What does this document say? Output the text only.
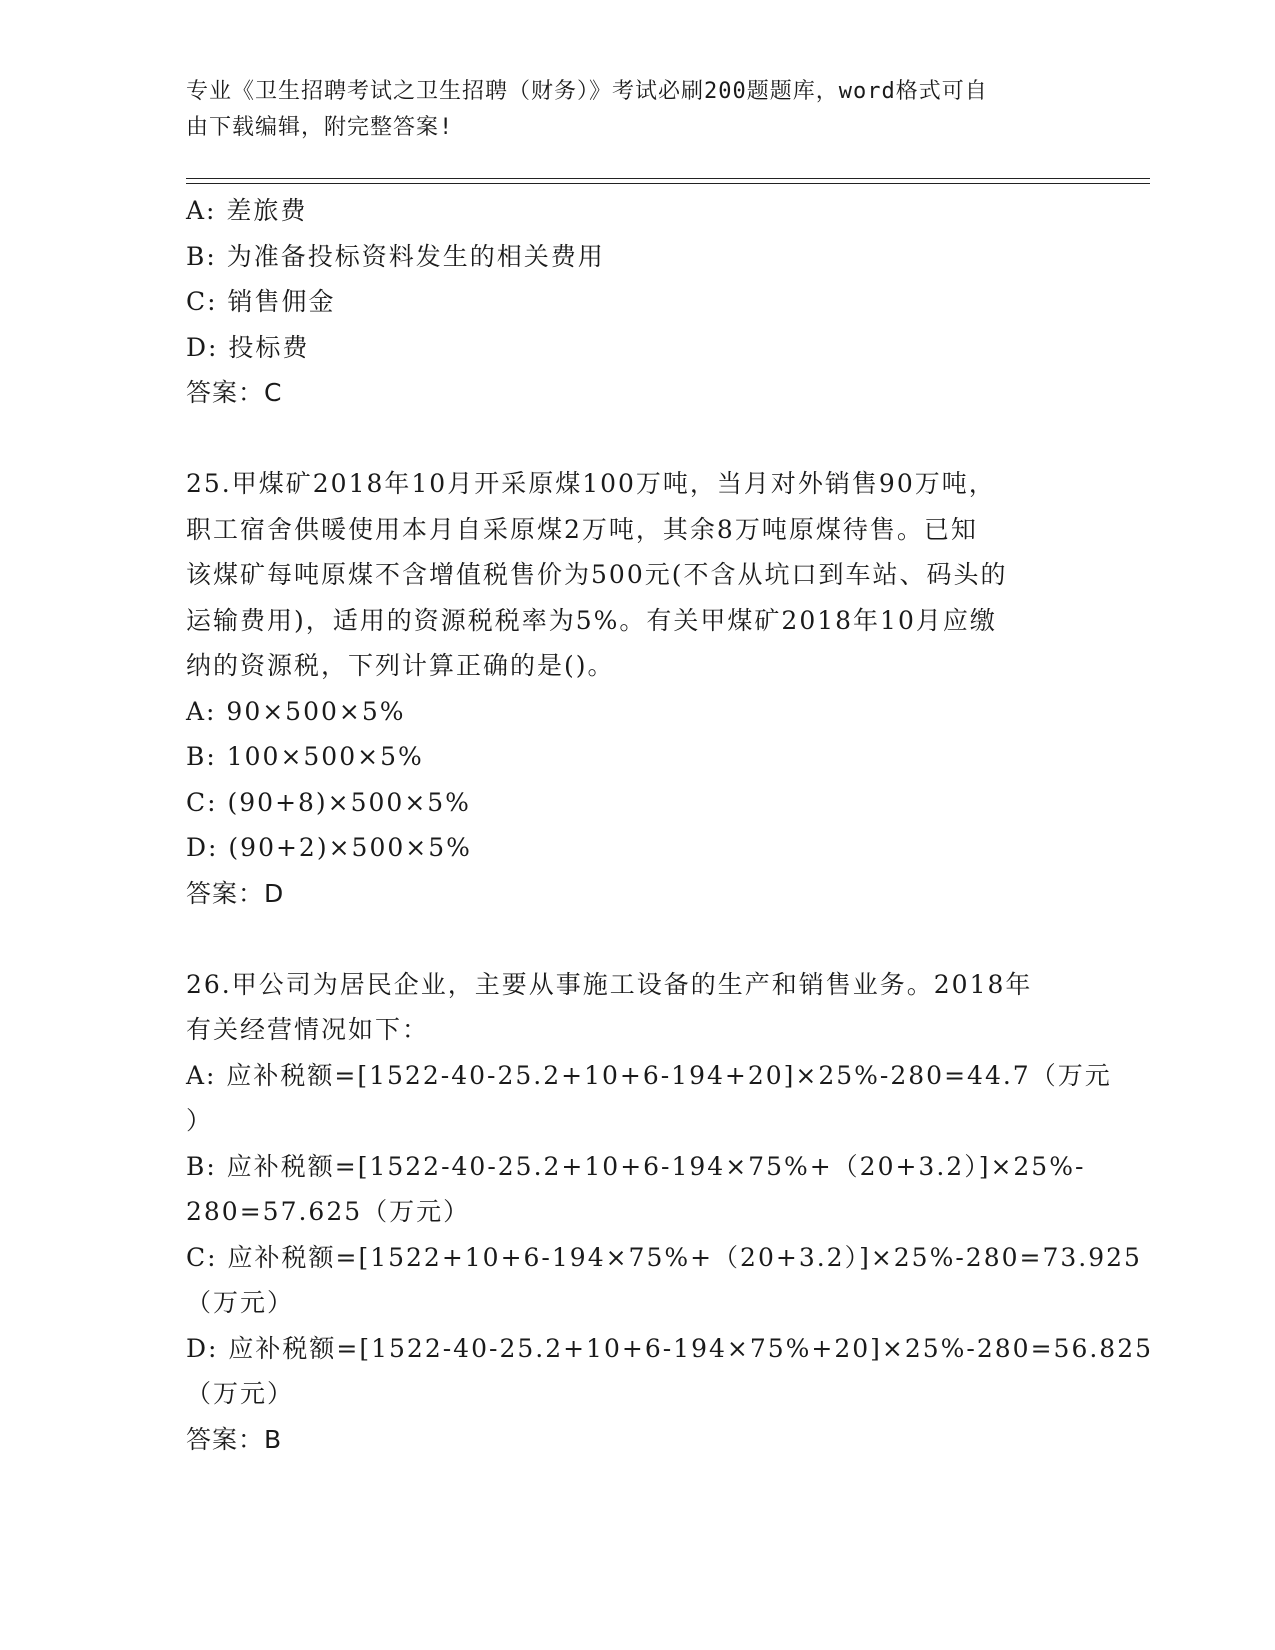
专业《卫生招聘考试之卫生招聘（财务）》考试必刷200题题库，word格式可自
由下载编辑，附完整答案!
A: 差旅费
B: 为准备投标资料发生的相关费用
C: 销售佣金
D: 投标费
答案：C
25.甲煤矿2018年10月开采原煤100万吨，当月对外销售90万吨，
职工宿舍供暖使用本月自采原煤2万吨，其余8万吨原煤待售。已知
该煤矿每吨原煤不含增值税售价为500元(不含从坑口到车站、码头的
运输费用)，适用的资源税税率为5%。有关甲煤矿2018年10月应缴
纳的资源税，下列计算正确的是()。
A: 90×500×5%
B: 100×500×5%
C: (90+8)×500×5%
D: (90+2)×500×5%
答案：D
26.甲公司为居民企业，主要从事施工设备的生产和销售业务。2018年
有关经营情况如下：
A: 应补税额=[1522-40-25.2+10+6-194+20]×25%-280=44.7（万元
）
B: 应补税额=[1522-40-25.2+10+6-194×75%+（20+3.2）]×25%-
280=57.625（万元）
C: 应补税额=[1522+10+6-194×75%+（20+3.2）]×25%-280=73.925
（万元）
D: 应补税额=[1522-40-25.2+10+6-194×75%+20]×25%-280=56.825
（万元）
答案：B
